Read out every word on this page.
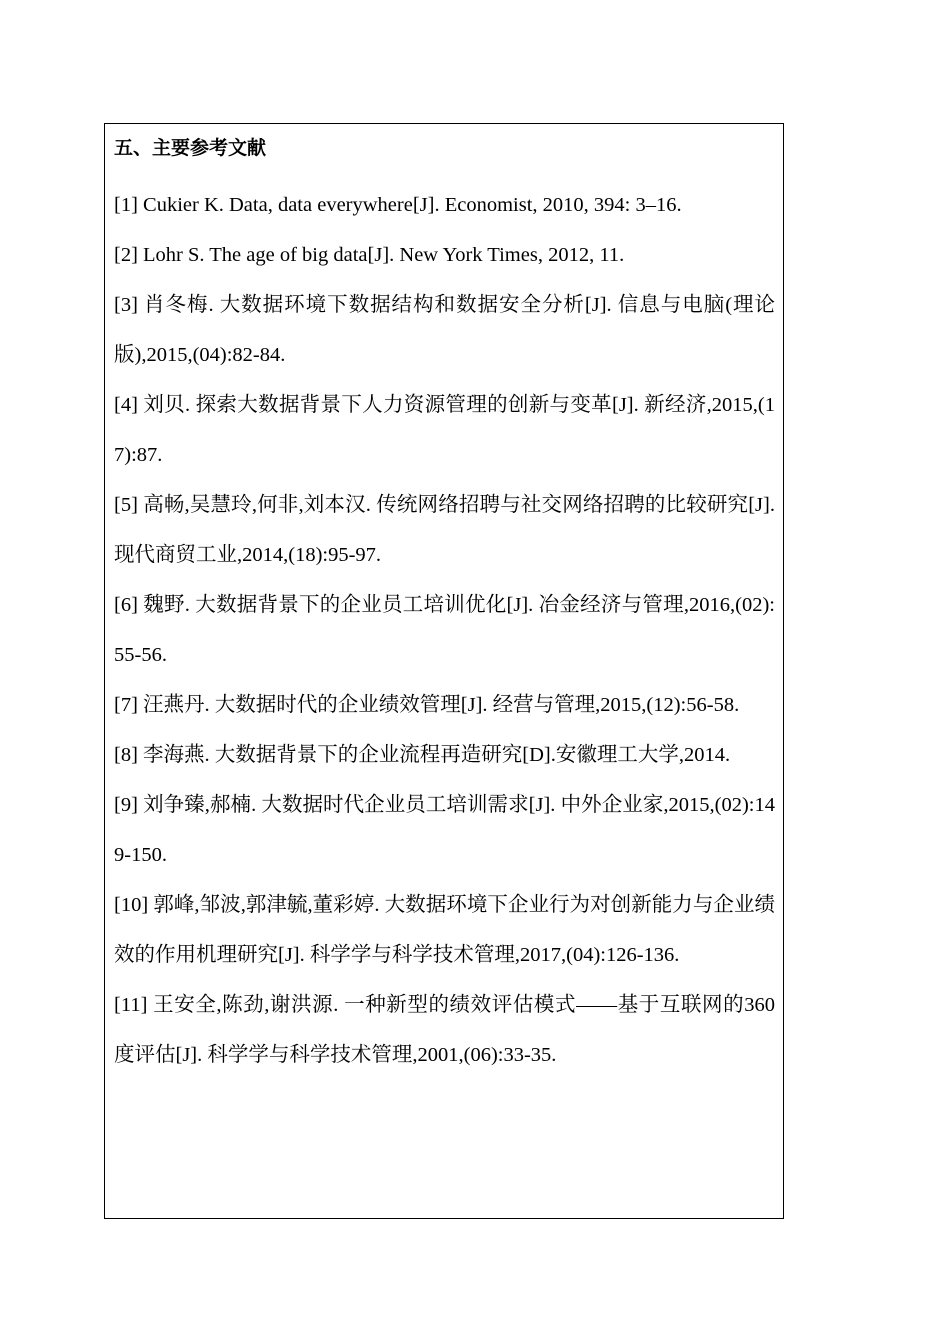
五、主要参考文献

[1] Cukier K. Data, data everywhere[J]. Economist, 2010, 394: 3–16.

[2] Lohr S. The age of big data[J]. New York Times, 2012, 11.

[3] 肖冬梅. 大数据环境下数据结构和数据安全分析[J]. 信息与电脑(理论版),2015,(04):82-84.

[4] 刘贝. 探索大数据背景下人力资源管理的创新与变革[J]. 新经济,2015,(17):87.

[5] 高畅,吴慧玲,何非,刘本汉. 传统网络招聘与社交网络招聘的比较研究[J]. 现代商贸工业,2014,(18):95-97.

[6] 魏野. 大数据背景下的企业员工培训优化[J]. 冶金经济与管理,2016,(02):55-56.

[7] 汪燕丹. 大数据时代的企业绩效管理[J]. 经营与管理,2015,(12):56-58.

[8] 李海燕. 大数据背景下的企业流程再造研究[D].安徽理工大学,2014.

[9] 刘争臻,郝楠. 大数据时代企业员工培训需求[J]. 中外企业家,2015,(02):149-150.

[10] 郭峰,邹波,郭津毓,董彩婷. 大数据环境下企业行为对创新能力与企业绩效的作用机理研究[J]. 科学学与科学技术管理,2017,(04):126-136.

[11] 王安全,陈劲,谢洪源. 一种新型的绩效评估模式——基于互联网的360度评估[J]. 科学学与科学技术管理,2001,(06):33-35.
